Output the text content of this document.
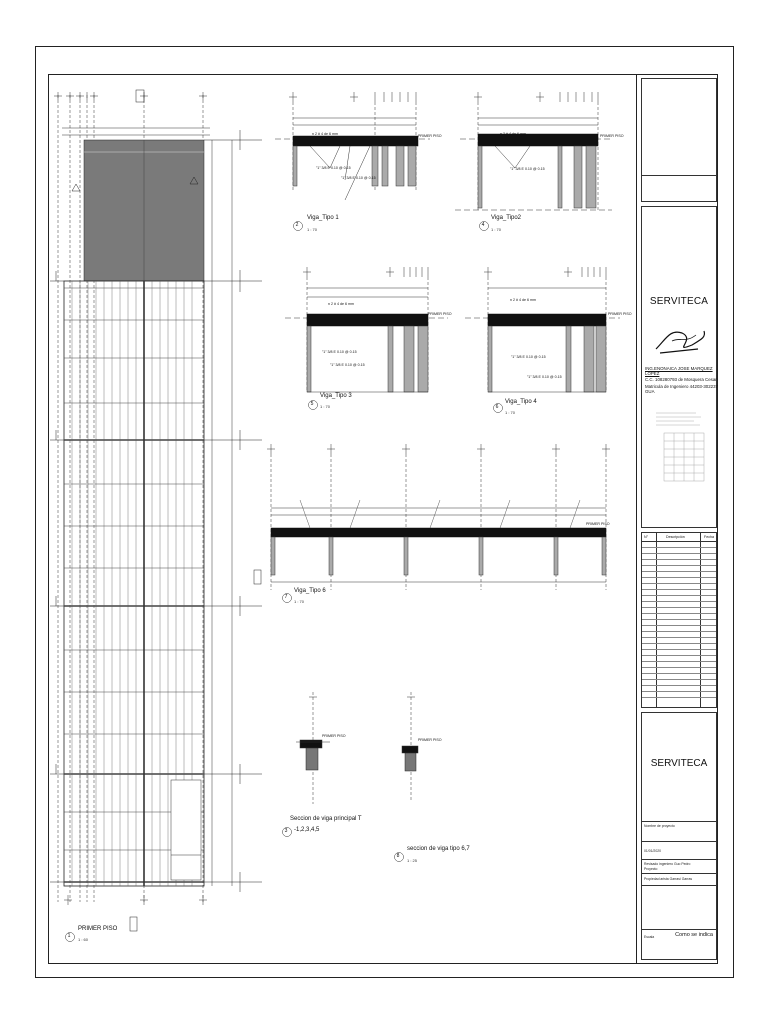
1
PRIMER PISO
1 : 60
2
Viga_Tipo 1
1 : 70
4
Viga_Tipo2
1 : 70
5
Viga_Tipo 3
1 : 70	6
Viga_Tipo 4
1 : 70
7
Viga_Tipo 6
1 : 70
3
Seccion de viga principal T
-1,2,3,4,5
8
seccion de viga tipo 6,7
1 : 25
"1" 3/8 E 0.10 @ 0.15
"1" 3/8 E 0.10 @ 0.15
n 2 # 4 de 6 mm
"1" 3/8 E 0.10 @ 0.15
n 2 # 4 de 6 mm
"1" 3/8 E 0.10 @ 0.15
"1" 3/8 E 0.10 @ 0.15
n 2 # 4 de 6 mm
"1" 3/8 E 0.10 @ 0.15
"1" 3/8 E 0.10 @ 0.15
n 2 # 4 de 6 mm
PRIMER PISO	PRIMER PISO
PRIMER PISO	PRIMER PISO
PRIMER PISO
PRIMER PISO
PRIMER PISO
SERVITECA
ING.ENONAICA JOSE MARQUEZ LOPEZ
C.C. 108280793 de Mosquera Cesar
Matricula de Ingeniero 44203-302237 GUA
N°	Descripción	Fecha
SERVITECA
Nombre de proyecto
01/01/2020
Revisado ingeniero Guo Pedro
Proyecto
Propiedad arista Garrasi Garras
Escala	Como se indica
